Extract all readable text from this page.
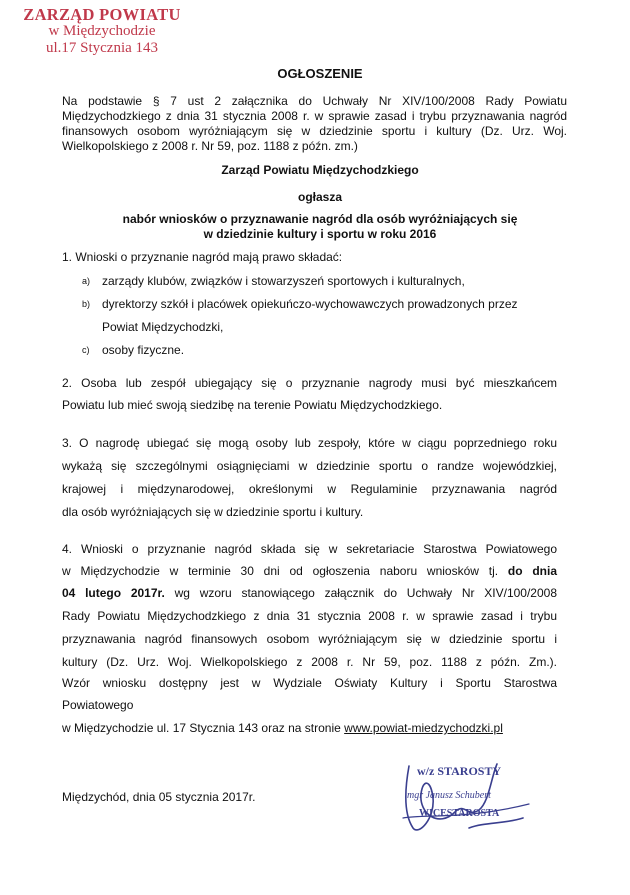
ZARZĄD POWIATU
w Międzychodzie
ul.17 Stycznia 143
OGŁOSZENIE
Na podstawie § 7 ust 2 załącznika do Uchwały Nr XIV/100/2008 Rady Powiatu Międzychodzkiego z dnia 31 stycznia 2008 r. w sprawie zasad i trybu przyznawania nagród finansowych osobom wyróżniającym się w dziedzinie sportu i kultury (Dz. Urz. Woj. Wielkopolskiego z 2008 r. Nr 59, poz. 1188 z późn. zm.)
Zarząd Powiatu Międzychodzkiego
ogłasza
nabór wniosków o przyznawanie nagród dla osób wyróżniających się
w dziedzinie kultury i sportu w roku 2016
1. Wnioski o przyznanie nagród mają prawo składać:
a) zarządy klubów, związków i stowarzyszeń sportowych i kulturalnych,
b) dyrektorzy szkół i placówek opiekuńczo-wychowawczych prowadzonych przez
Powiat Międzychodzki,
c) osoby fizyczne.
2. Osoba lub zespół ubiegający się o przyznanie nagrody musi być mieszkańcem
Powiatu lub mieć swoją siedzibę na terenie Powiatu Międzychodzkiego.
3. O nagrodę ubiegać się mogą osoby lub zespoły, które w ciągu poprzedniego roku
wykażą się szczególnymi osiągnięciami w dziedzinie sportu o randze wojewódzkiej,
krajowej i międzynarodowej, określonymi w Regulaminie przyznawania nagród
dla osób wyróżniających się w dziedzinie sportu i kultury.
4. Wnioski o przyznanie nagród składa się w sekretariacie Starostwa Powiatowego
w Międzychodzie w terminie 30 dni od ogłoszenia naboru wniosków tj. do dnia
04 lutego 2017r. wg wzoru stanowiącego załącznik do Uchwały Nr XIV/100/2008
Rady Powiatu Międzychodzkiego z dnia 31 stycznia 2008 r. w sprawie zasad i trybu
przyznawania nagród finansowych osobom wyróżniającym się w dziedzinie sportu i
kultury (Dz. Urz. Woj. Wielkopolskiego z 2008 r. Nr 59, poz. 1188 z późn. Zm.).
Wzór wniosku dostępny jest w Wydziale Oświaty Kultury i Sportu Starostwa
Powiatowego
w Międzychodzie ul. 17 Stycznia 143 oraz na stronie www.powiat-miedzychodzki.pl
Międzychód, dnia 05 stycznia 2017r.
w/z STAROSTY
mgr Janusz Schubert
WICESTAROSTA
